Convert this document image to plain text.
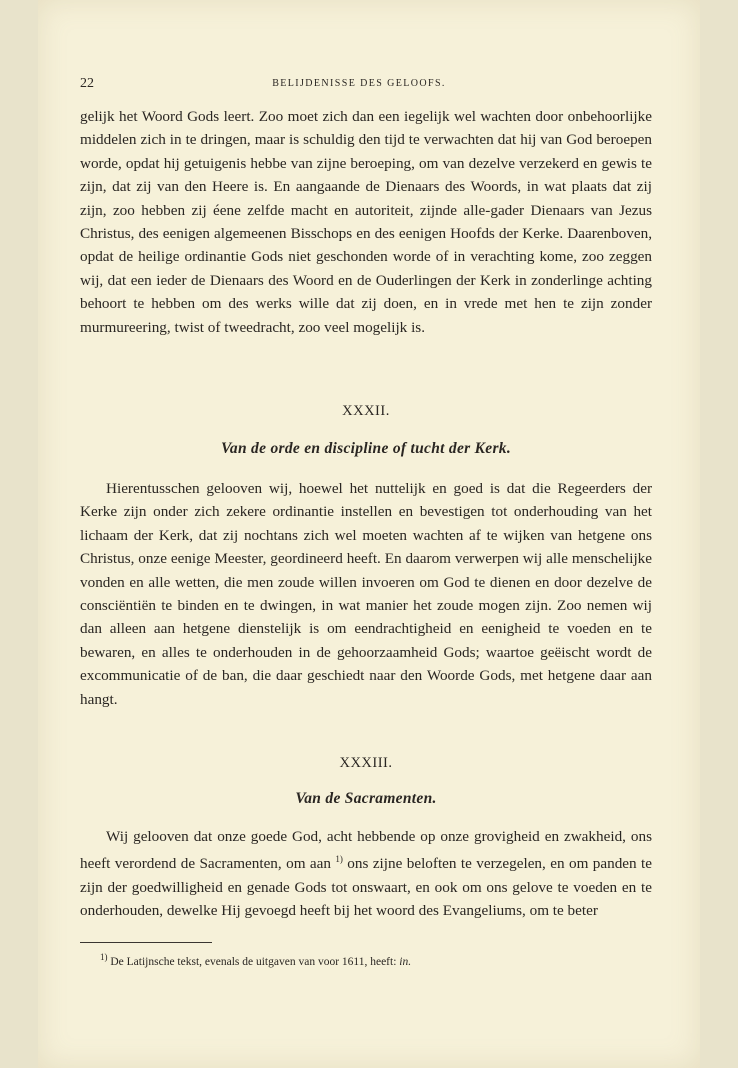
22	BELIJDENISSE DES GELOOFS.

gelijk het Woord Gods leert. Zoo moet zich dan een iegelijk wel wachten door onbehoorlijke middelen zich in te dringen, maar is schuldig den tijd te verwachten dat hij van God beroepen worde, opdat hij getuigenis hebbe van zijne beroeping, om van dezelve verzekerd en gewis te zijn, dat zij van den Heere is. En aangaande de Dienaars des Woords, in wat plaats dat zij zijn, zoo hebben zij éene zelfde macht en autoriteit, zijnde alle-gader Dienaars van Jezus Christus, des eenigen algemeenen Bisschops en des eenigen Hoofds der Kerke. Daarenboven, opdat de heilige ordinantie Gods niet geschonden worde of in verachting kome, zoo zeggen wij, dat een ieder de Dienaars des Woord en de Ouderlingen der Kerk in zonderlinge achting behoort te hebben om des werks wille dat zij doen, en in vrede met hen te zijn zonder murmureering, twist of tweedracht, zoo veel mogelijk is.

XXXII.
Van de orde en discipline of tucht der Kerk.

Hierentusschen gelooven wij, hoewel het nuttelijk en goed is dat die Regeerders der Kerke zijn onder zich zekere ordinantie instellen en bevestigen tot onderhouding van het lichaam der Kerk, dat zij nochtans zich wel moeten wachten af te wijken van hetgene ons Christus, onze eenige Meester, geordineerd heeft. En daarom verwerpen wij alle menschelijke vonden en alle wetten, die men zoude willen invoeren om God te dienen en door dezelve de consciëntiën te binden en te dwingen, in wat manier het zoude mogen zijn. Zoo nemen wij dan alleen aan hetgene dienstelijk is om eendrachtigheid en eenigheid te voeden en te bewaren, en alles te onderhouden in de gehoorzaamheid Gods; waartoe geëischt wordt de excommunicatie of de ban, die daar geschiedt naar den Woorde Gods, met hetgene daar aan hangt.

XXXIII.
Van de Sacramenten.

Wij gelooven dat onze goede God, acht hebbende op onze grovigheid en zwakheid, ons heeft verordend de Sacramenten, om aan $^{1)}$ ons zijne beloften te verzegelen, en om panden te zijn der goedwilligheid en genade Gods tot onswaart, en ook om ons gelove te voeden en te onderhouden, dewelke Hij gevoegd heeft bij het woord des Evangeliums, om te beter

$^{1)}$ De Latijnsche tekst, evenals de uitgaven van voor 1611, heeft: in.
